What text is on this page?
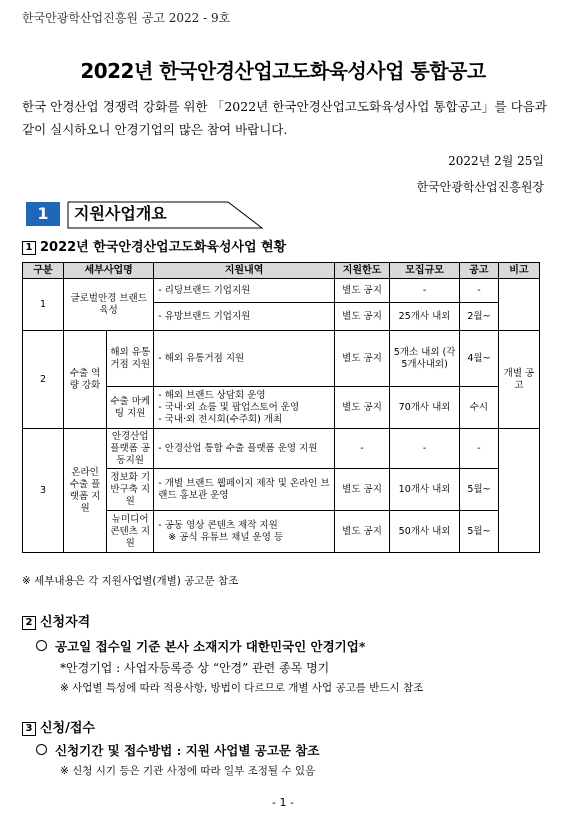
한국안광학산업진흥원 공고 2022 - 9호
2022년 한국안경산업고도화육성사업 통합공고
한국 안경산업 경쟁력 강화를 위한 「2022년 한국안경산업고도화육성사업 통합공고」를 다음과 같이 실시하오니 안경기업의 많은 참여 바랍니다.
2022년 2월 25일
한국안광학산업진흥원장
1	지원사업개요
1 2022년 한국안경산업고도화육성사업 현황
구분	세부사업명		지원내역	지원한도	모집규모	공고	비고
1	글로벌안경 브랜드육성		- 리딩브랜드 기업지원	별도 공지	-	-	
			- 유망브랜드 기업지원	별도 공지	25개사 내외	2월~	
2	수출 역량 강화	해외 유통 거점 지원	- 해외 유통거점 지원	별도 공지	5개소 내외 (각5개사내외)	4월~	개별 공고
		수출 마케팅 지원	- 해외 브랜드 상담회 운영
- 국내·외 쇼룸 및 팝업스토어 운영
- 국내·외 전시회(수주회) 개최	별도 공지	70개사 내외	수시	
3	온라인 수출 플랫폼 지원	안경산업 플랫폼 공동지원	- 안경산업 통합 수출 플랫폼 운영 지원	-	-	-	
		정보화 기반구축 지원	- 개별 브랜드 웹페이지 제작 및 온라인 브랜드 홍보관 운영	별도 공지	10개사 내외	5월~	
		뉴미디어 콘텐츠 지원	- 공동 영상 콘텐츠 제작 지원
※ 공식 유튜브 채널 운영 등	별도 공지	50개사 내외	5월~	
※ 세부내용은 각 지원사업별(개별) 공고문 참조
2 신청자격
공고일 접수일 기준 본사 소재지가 대한민국인 안경기업*
*안경기업 : 사업자등록증 상 “안경” 관련 종목 명기
※ 사업별 특성에 따라 적용사항, 방법이 다르므로 개별 사업 공고를 반드시 참조
3 신청/접수
신청기간 및 접수방법 : 지원 사업별 공고문 참조
※ 신청 시기 등은 기관 사정에 따라 일부 조정될 수 있음
- 1 -
